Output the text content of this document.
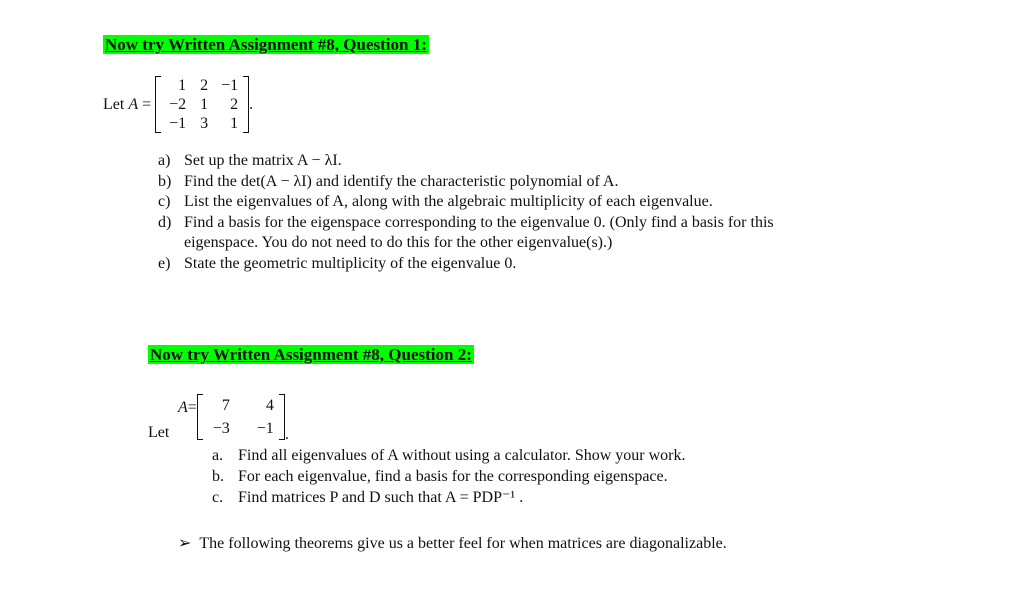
Now try Written Assignment #8, Question 1:
Let
A
=

1 2 −1
−2 1	2
−1 3	1
.
a) Set up the matrix A − λI.
b) Find the det(A − λI) and identify the characteristic polynomial of A.
c) List the eigenvalues of A, along with the algebraic multiplicity of each eigenvalue.
d) Find a basis for the eigenspace corresponding to the eigenvalue 0. (Only find a basis for this
eigenspace. You do not need to do this for the other eigenvalue(s).)
e) State the geometric multiplicity of the eigenvalue 0.
Now try Written Assignment #8, Question 2:
Let
A =	7	4
−3	−1 .
a. Find all eigenvalues of A without using a calculator. Show your work.
b. For each eigenvalue, find a basis for the corresponding eigenspace.
c. Find matrices P and D such that A = PDP⁻¹ .
➢ The following theorems give us a better feel for when matrices are diagonalizable.
